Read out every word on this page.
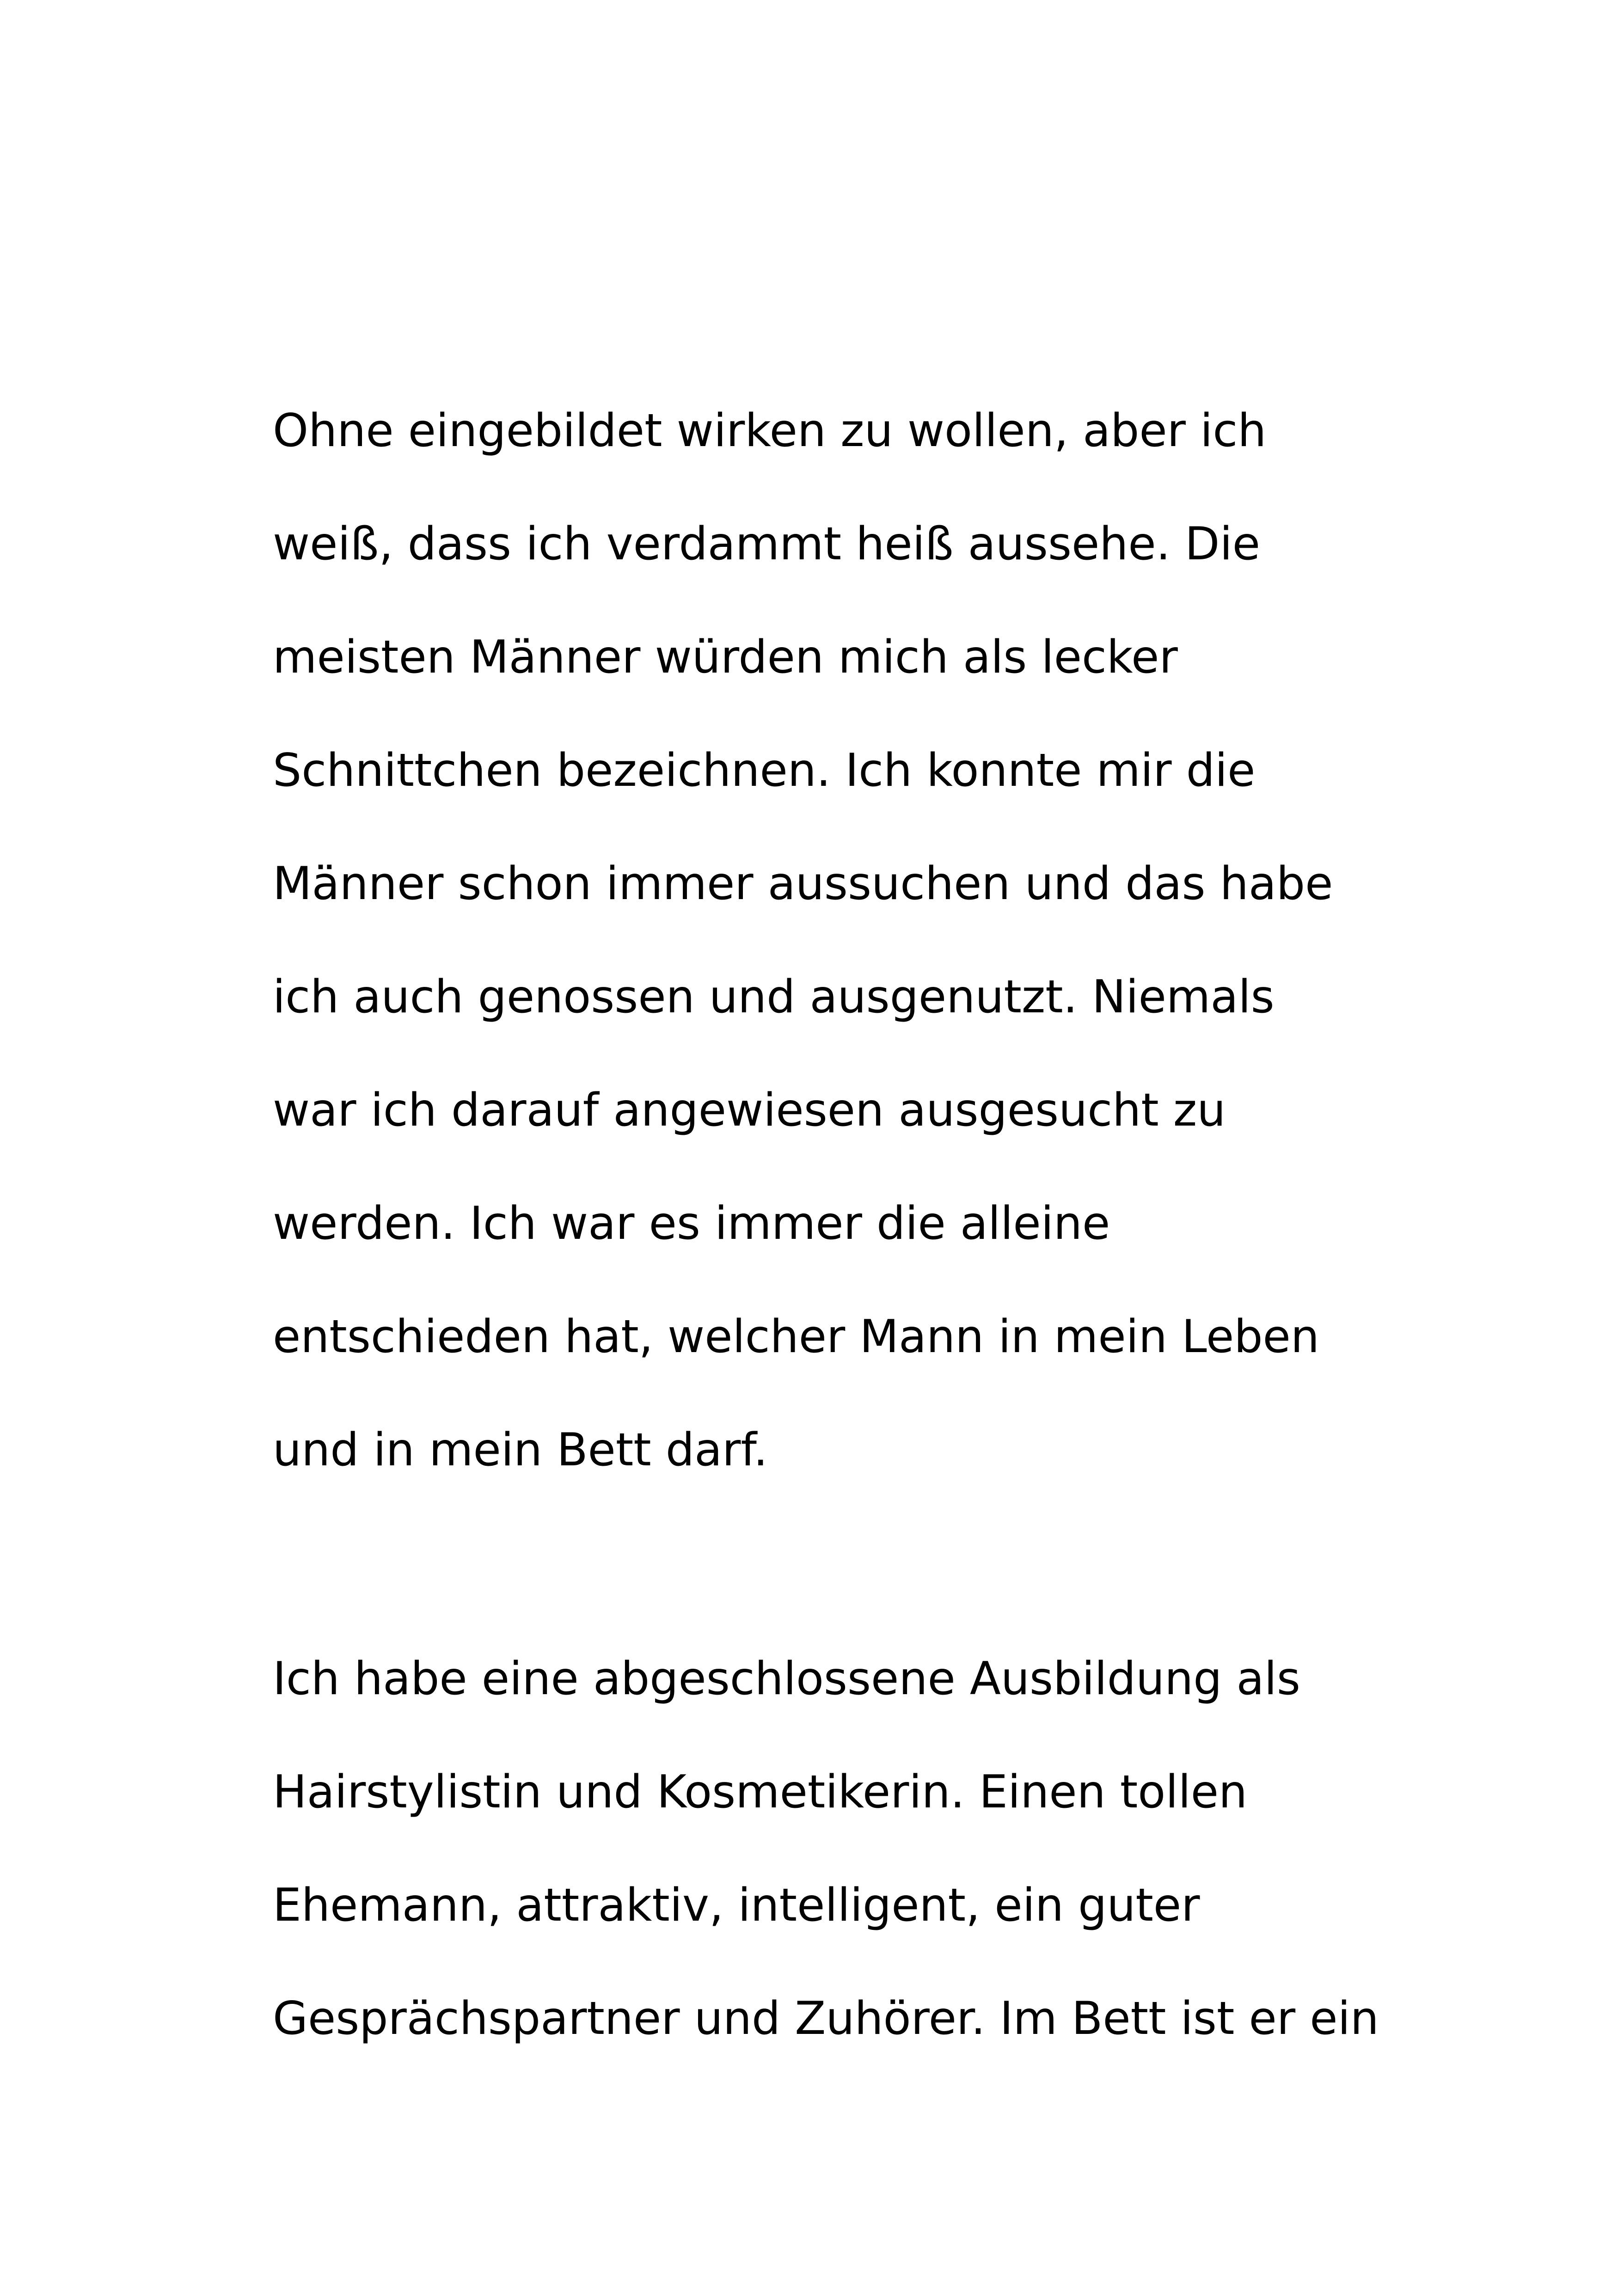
Ohne eingebildet wirken zu wollen, aber ich
weiß, dass ich verdammt heiß aussehe. Die
meisten Männer würden mich als lecker
Schnittchen bezeichnen. Ich konnte mir die
Männer schon immer aussuchen und das habe
ich auch genossen und ausgenutzt. Niemals
war ich darauf angewiesen ausgesucht zu
werden. Ich war es immer die alleine
entschieden hat, welcher Mann in mein Leben
und in mein Bett darf.
Ich habe eine abgeschlossene Ausbildung als
Hairstylistin und Kosmetikerin. Einen tollen
Ehemann, attraktiv, intelligent, ein guter
Gesprächspartner und Zuhörer. Im Bett ist er ein
